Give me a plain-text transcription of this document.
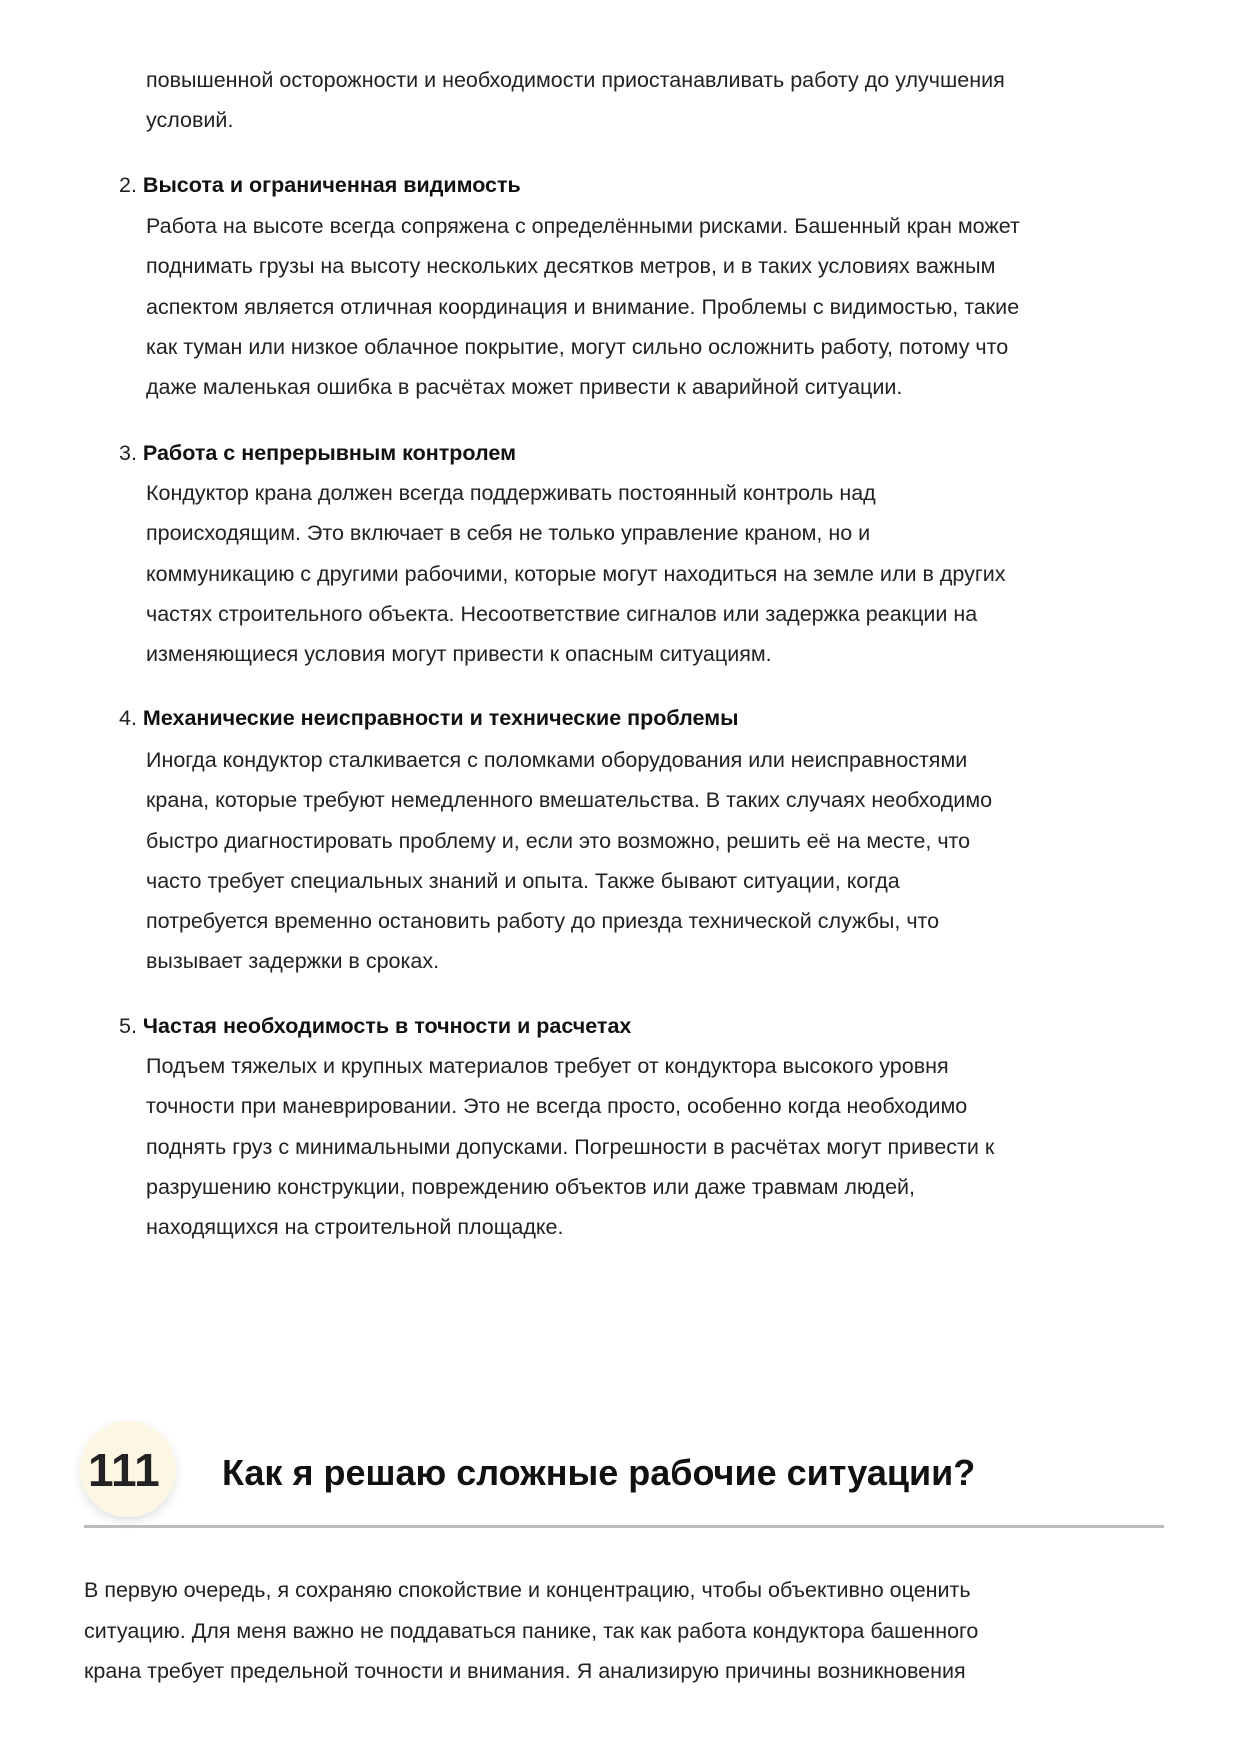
повышенной осторожности и необходимости приостанавливать работу до улучшения
условий.
2. Высота и ограниченная видимость
Работа на высоте всегда сопряжена с определёнными рисками. Башенный кран может
поднимать грузы на высоту нескольких десятков метров, и в таких условиях важным
аспектом является отличная координация и внимание. Проблемы с видимостью, такие
как туман или низкое облачное покрытие, могут сильно осложнить работу, потому что
даже маленькая ошибка в расчётах может привести к аварийной ситуации.
3. Работа с непрерывным контролем
Кондуктор крана должен всегда поддерживать постоянный контроль над
происходящим. Это включает в себя не только управление краном, но и
коммуникацию с другими рабочими, которые могут находиться на земле или в других
частях строительного объекта. Несоответствие сигналов или задержка реакции на
изменяющиеся условия могут привести к опасным ситуациям.
4. Механические неисправности и технические проблемы
Иногда кондуктор сталкивается с поломками оборудования или неисправностями
крана, которые требуют немедленного вмешательства. В таких случаях необходимо
быстро диагностировать проблему и, если это возможно, решить её на месте, что
часто требует специальных знаний и опыта. Также бывают ситуации, когда
потребуется временно остановить работу до приезда технической службы, что
вызывает задержки в сроках.
5. Частая необходимость в точности и расчетах
Подъем тяжелых и крупных материалов требует от кондуктора высокого уровня
точности при маневрировании. Это не всегда просто, особенно когда необходимо
поднять груз с минимальными допусками. Погрешности в расчётах могут привести к
разрушению конструкции, повреждению объектов или даже травмам людей,
находящихся на строительной площадке.
111 Как я решаю сложные рабочие ситуации?
В первую очередь, я сохраняю спокойствие и концентрацию, чтобы объективно оценить
ситуацию. Для меня важно не поддаваться панике, так как работа кондуктора башенного
крана требует предельной точности и внимания. Я анализирую причины возникновения
